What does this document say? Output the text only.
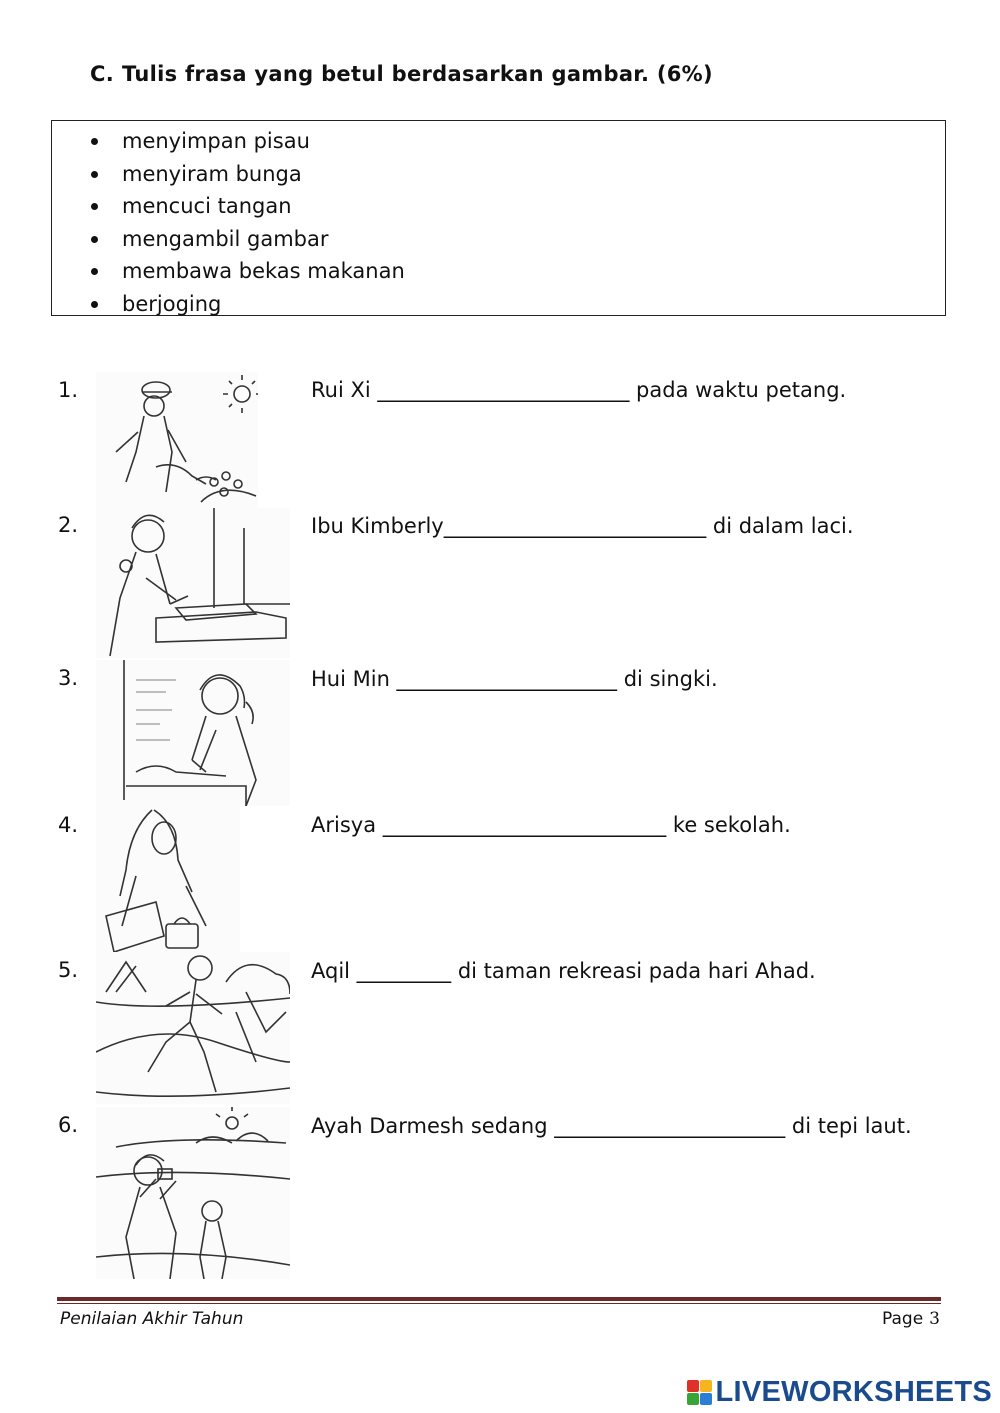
C. Tulis frasa yang betul berdasarkan gambar. (6%)
menyimpan pisau
menyiram bunga
mencuci tangan
mengambil gambar
membawa bekas makanan
berjoging
1.	Rui Xi ________________________ pada waktu petang.
2.	Ibu Kimberly_________________________ di dalam laci.
3.	Hui Min _____________________ di singki.
4.	Arisya ___________________________ ke sekolah.
5.	Aqil _________ di taman rekreasi pada hari Ahad.
6.	Ayah Darmesh sedang ______________________ di tepi laut.
Penilaian Akhir Tahun	Page 3
LIVEWORKSHEETS
